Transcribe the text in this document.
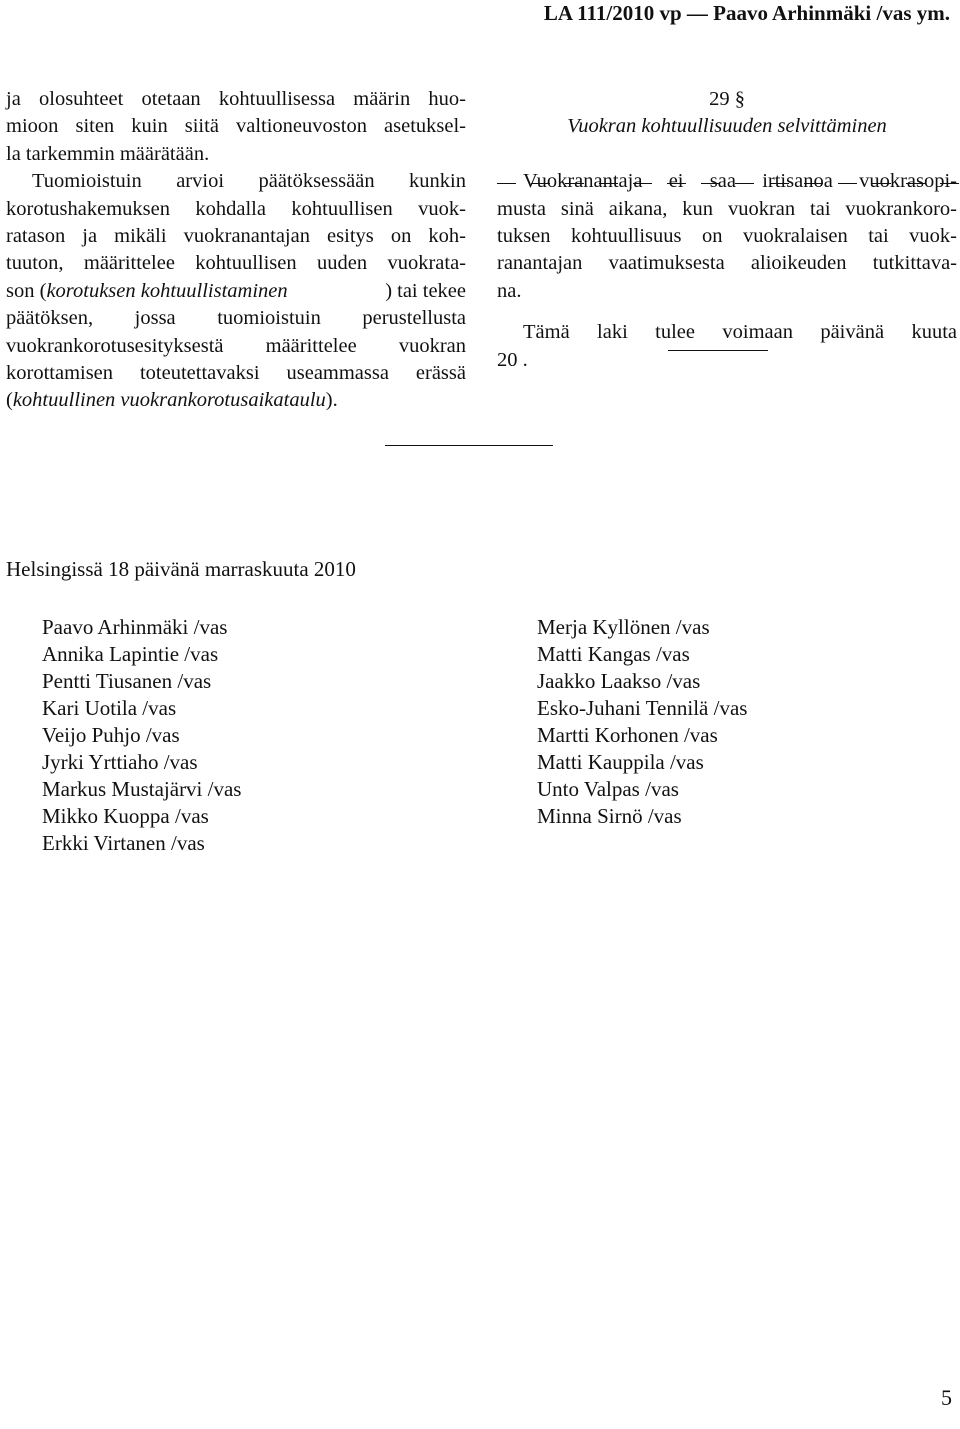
LA 111/2010 vp — Paavo Arhinmäki /vas ym.
ja olosuhteet otetaan kohtuullisessa määrin huo-
mioon siten kuin siitä valtioneuvoston asetuksel-
la tarkemmin määrätään.
Tuomioistuin arvioi päätöksessään kunkin
korotushakemuksen kohdalla kohtuullisen vuok-
ratason ja mikäli vuokranantajan esitys on koh-
tuuton, määrittelee kohtuullisen uuden vuokrata-
son ( korotuksen kohtuullistaminen	) tai tekee
päätöksen, jossa tuomioistuin perustellusta
vuokrankorotusesityksestä määrittelee vuokran
korottamisen toteutettavaksi useammassa erässä
(kohtuullinen vuokrankorotusaikataulu).
29 §
Vuokran kohtuullisuuden selvittäminen
Vuokranantaja ei saa irtisanoa vuokrasopi-
musta sinä aikana, kun vuokran tai vuokrankoro-
tuksen kohtuullisuus on vuokralaisen tai vuok-
ranantajan vaatimuksesta alioikeuden tutkittava-
na.
Tämä laki tulee voimaan päivänä kuuta
20 .
Helsingissä 18 päivänä marraskuuta 2010
Paavo Arhinmäki /vas
Annika Lapintie /vas
Pentti Tiusanen /vas
Kari Uotila /vas
Veijo Puhjo /vas
Jyrki Yrttiaho /vas
Markus Mustajärvi /vas
Mikko Kuoppa /vas
Erkki Virtanen /vas
Merja Kyllönen /vas
Matti Kangas /vas
Jaakko Laakso /vas
Esko-Juhani Tennilä /vas
Martti Korhonen /vas
Matti Kauppila /vas
Unto Valpas /vas
Minna Sirnö /vas
5
